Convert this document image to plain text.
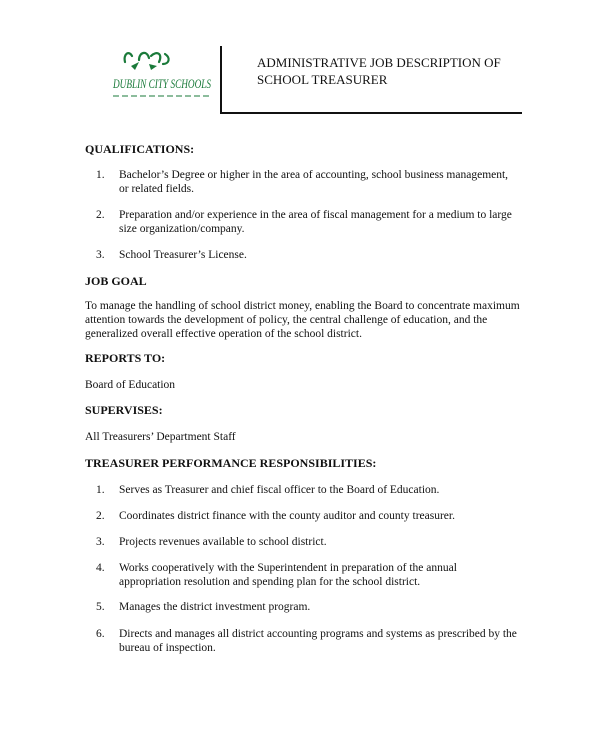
DUBLIN CITY SCHOOLS
ADMINISTRATIVE JOB DESCRIPTION OF
SCHOOL TREASURER
QUALIFICATIONS:
1. Bachelor’s Degree or higher in the area of accounting, school business management, or related fields.
2. Preparation and/or experience in the area of fiscal management for a medium to large size organization/company.
3. School Treasurer’s License.
JOB GOAL

To manage the handling of school district money, enabling the Board to concentrate maximum attention towards the development of policy, the central challenge of education, and the generalized overall effective operation of the school district.

REPORTS TO:

Board of Education

SUPERVISES:

All Treasurers’ Department Staff

TREASURER PERFORMANCE RESPONSIBILITIES:
1. Serves as Treasurer and chief fiscal officer to the Board of Education.
2. Coordinates district finance with the county auditor and county treasurer.
3. Projects revenues available to school district.
4. Works cooperatively with the Superintendent in preparation of the annual appropriation resolution and spending plan for the school district.
5. Manages the district investment program.
6. Directs and manages all district accounting programs and systems as prescribed by the bureau of inspection.
